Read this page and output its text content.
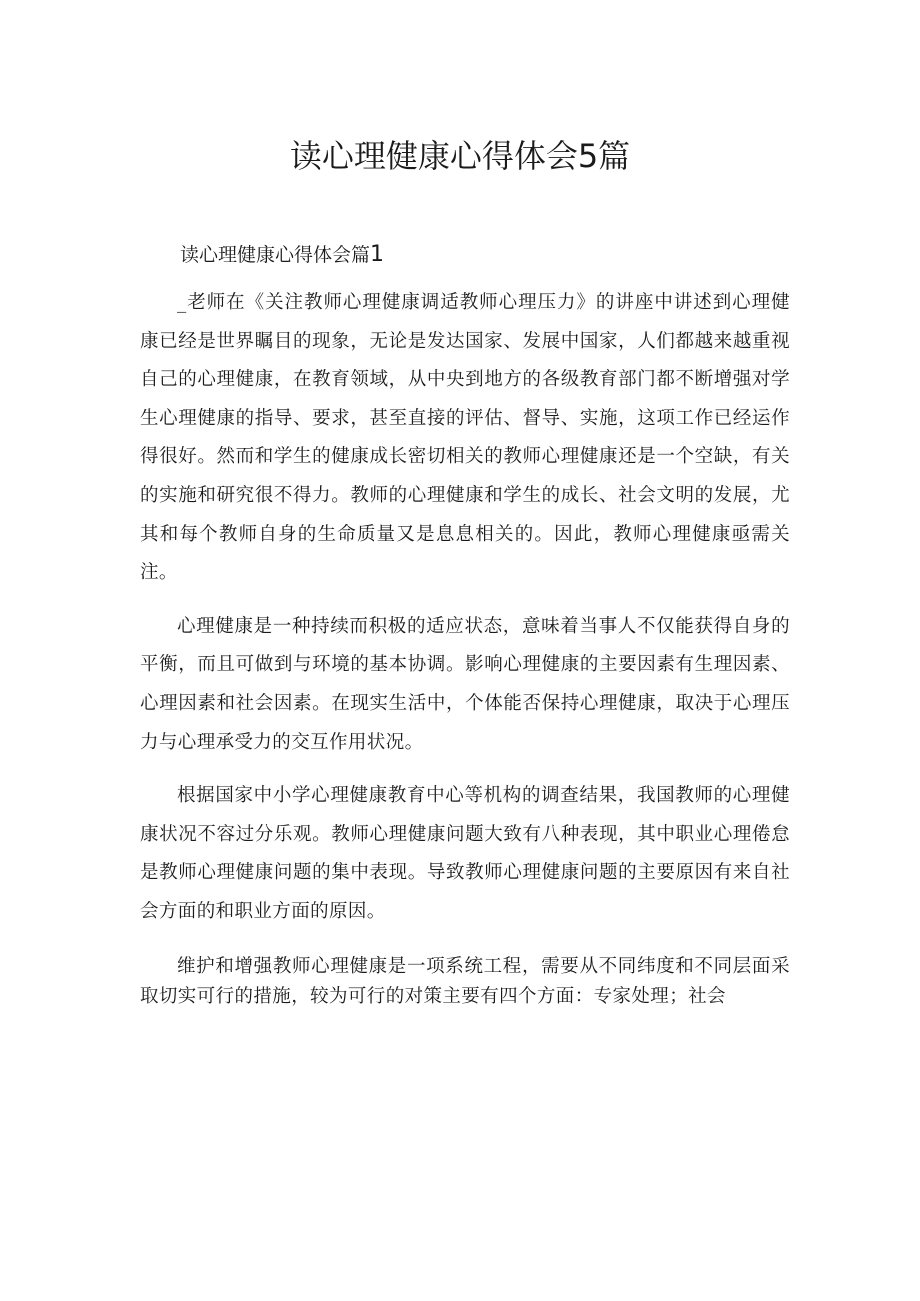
读心理健康心得体会5篇
读心理健康心得体会篇1

_老师在《关注教师心理健康调适教师心理压力》的讲座中讲述到心理健康已经是世界瞩目的现象，无论是发达国家、发展中国家，人们都越来越重视自己的心理健康，在教育领域，从中央到地方的各级教育部门都不断增强对学生心理健康的指导、要求，甚至直接的评估、督导、实施，这项工作已经运作得很好。然而和学生的健康成长密切相关的教师心理健康还是一个空缺，有关的实施和研究很不得力。教师的心理健康和学生的成长、社会文明的发展，尤其和每个教师自身的生命质量又是息息相关的。因此，教师心理健康亟需关注。

心理健康是一种持续而积极的适应状态，意味着当事人不仅能获得自身的平衡，而且可做到与环境的基本协调。影响心理健康的主要因素有生理因素、心理因素和社会因素。在现实生活中，个体能否保持心理健康，取决于心理压力与心理承受力的交互作用状况。

根据国家中小学心理健康教育中心等机构的调查结果，我国教师的心理健康状况不容过分乐观。教师心理健康问题大致有八种表现，其中职业心理倦怠是教师心理健康问题的集中表现。导致教师心理健康问题的主要原因有来自社会方面的和职业方面的原因。

维护和增强教师心理健康是一项系统工程，需要从不同纬度和不同层面采取切实可行的措施，较为可行的对策主要有四个方面：专家处理；社会
